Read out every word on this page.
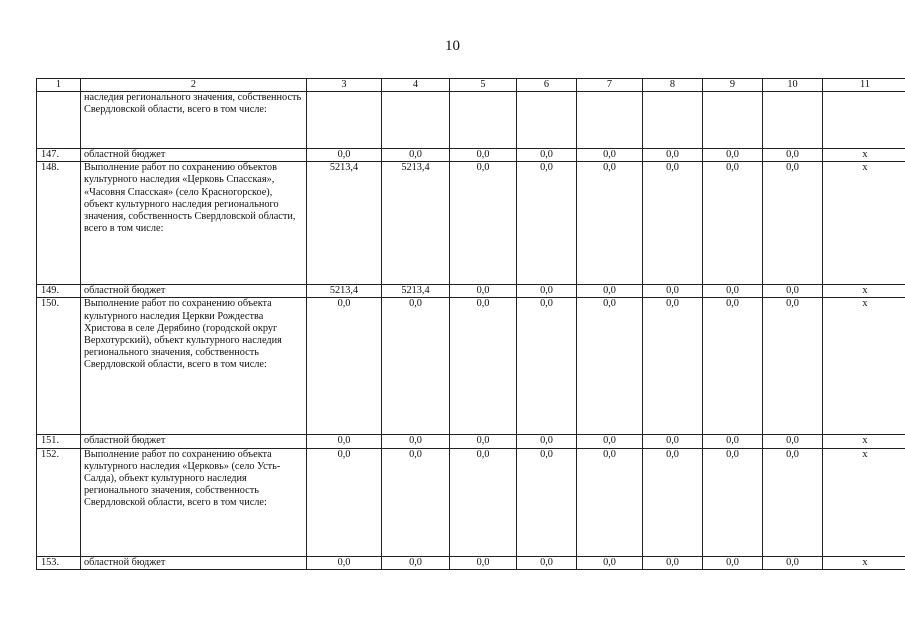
10
1	2	3	4	5	6	7	8	9	10	11
	наследия регионального значения, собственность Свердловской области, всего в том числе:									
147.	областной бюджет	0,0	0,0	0,0	0,0	0,0	0,0	0,0	0,0	x
148.	Выполнение работ по сохранению объектов культурного наследия «Церковь Спасская», «Часовня Спасская» (село Красногорское), объект культурного наследия регионального значения, собственность Свердловской области, всего в том числе:	5213,4	5213,4	0,0	0,0	0,0	0,0	0,0	0,0	x
149.	областной бюджет	5213,4	5213,4	0,0	0,0	0,0	0,0	0,0	0,0	x
150.	Выполнение работ по сохранению объекта культурного наследия Церкви Рождества Христова в селе Дерябино (городской округ Верхотурский), объект культурного наследия регионального значения, собственность Свердловской области, всего в том числе:	0,0	0,0	0,0	0,0	0,0	0,0	0,0	0,0	x
151.	областной бюджет	0,0	0,0	0,0	0,0	0,0	0,0	0,0	0,0	x
152.	Выполнение работ по сохранению объекта культурного наследия «Церковь» (село Усть-Салда), объект культурного наследия регионального значения, собственность Свердловской области, всего в том числе:	0,0	0,0	0,0	0,0	0,0	0,0	0,0	0,0	x
153.	областной бюджет	0,0	0,0	0,0	0,0	0,0	0,0	0,0	0,0	x
